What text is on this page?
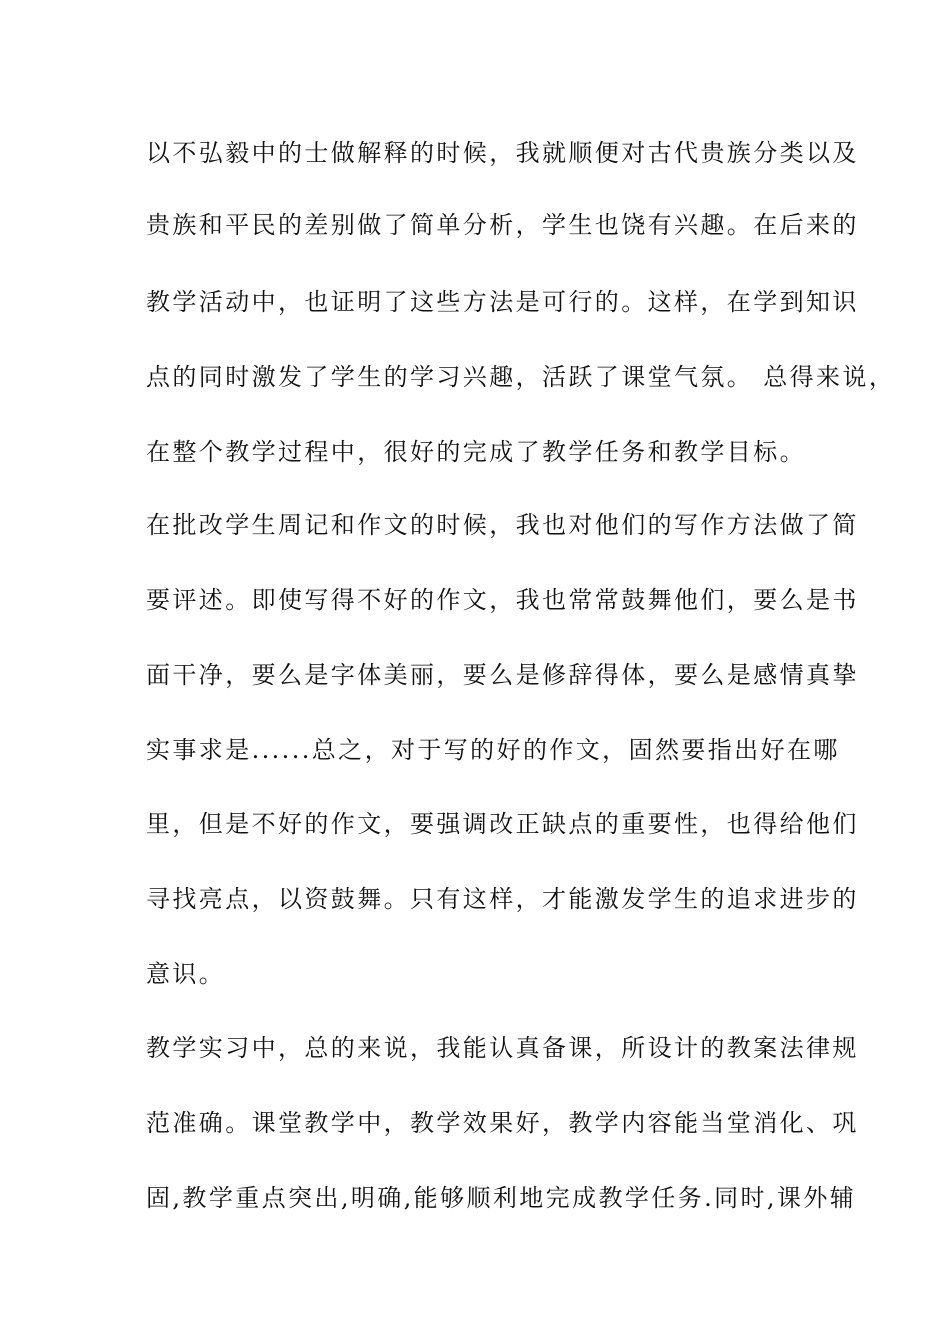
以不弘毅中的士做解释的时候，我就顺便对古代贵族分类以及
贵族和平民的差别做了简单分析，学生也饶有兴趣。在后来的
教学活动中，也证明了这些方法是可行的。这样，在学到知识
点的同时激发了学生的学习兴趣，活跃了课堂气氛。 总得来说，
在整个教学过程中，很好的完成了教学任务和教学目标。
在批改学生周记和作文的时候，我也对他们的写作方法做了简
要评述。即使写得不好的作文，我也常常鼓舞他们，要么是书
面干净，要么是字体美丽，要么是修辞得体，要么是感情真挚
实事求是......总之，对于写的好的作文，固然要指出好在哪
里，但是不好的作文，要强调改正缺点的重要性，也得给他们
寻找亮点，以资鼓舞。只有这样，才能激发学生的追求进步的
意识。
教学实习中，总的来说，我能认真备课，所设计的教案法律规
范准确。课堂教学中，教学效果好，教学内容能当堂消化、巩
固,教学重点突出,明确,能够顺利地完成教学任务.同时,课外辅
